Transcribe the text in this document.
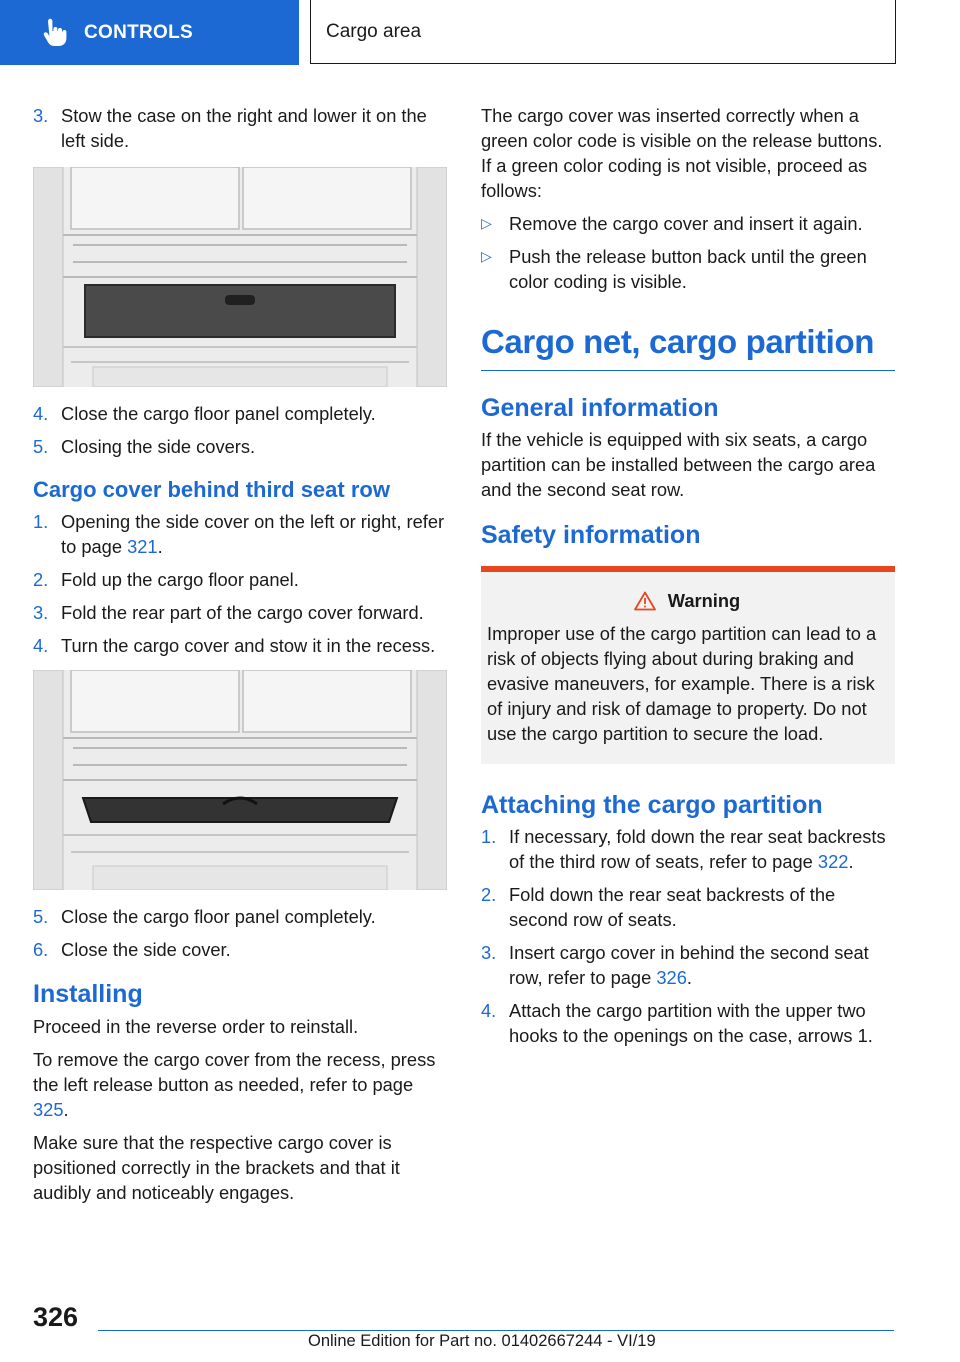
CONTROLS	Cargo area
3. Stow the case on the right and lower it on the left side.
4. Close the cargo floor panel completely.
5. Closing the side covers.
Cargo cover behind third seat row
1. Opening the side cover on the left or right, refer to page 321.
2. Fold up the cargo floor panel.
3. Fold the rear part of the cargo cover forward.
4. Turn the cargo cover and stow it in the recess.
5. Close the cargo floor panel completely.
6. Close the side cover.
Installing

Proceed in the reverse order to reinstall.

To remove the cargo cover from the recess, press the left release button as needed, refer to page 325.

Make sure that the respective cargo cover is positioned correctly in the brackets and that it audibly and noticeably engages.

The cargo cover was inserted correctly when a green color code is visible on the release buttons. If a green color coding is not visible, proceed as follows:

▷ Remove the cargo cover and insert it again.
▷ Push the release button back until the green color coding is visible.
Cargo net, cargo partition
General information

If the vehicle is equipped with six seats, a cargo partition can be installed between the cargo area and the second seat row.

Safety information
Warning
Improper use of the cargo partition can lead to a risk of objects flying about during braking and evasive maneuvers, for example. There is a risk of injury and risk of damage to property. Do not use the cargo partition to secure the load.
Attaching the cargo partition
1. If necessary, fold down the rear seat backrests of the third row of seats, refer to page 322.
2. Fold down the rear seat backrests of the second row of seats.
3. Insert cargo cover in behind the second seat row, refer to page 326.
4. Attach the cargo partition with the upper two hooks to the openings on the case, arrows 1.
326
Online Edition for Part no. 01402667244 - VI/19
